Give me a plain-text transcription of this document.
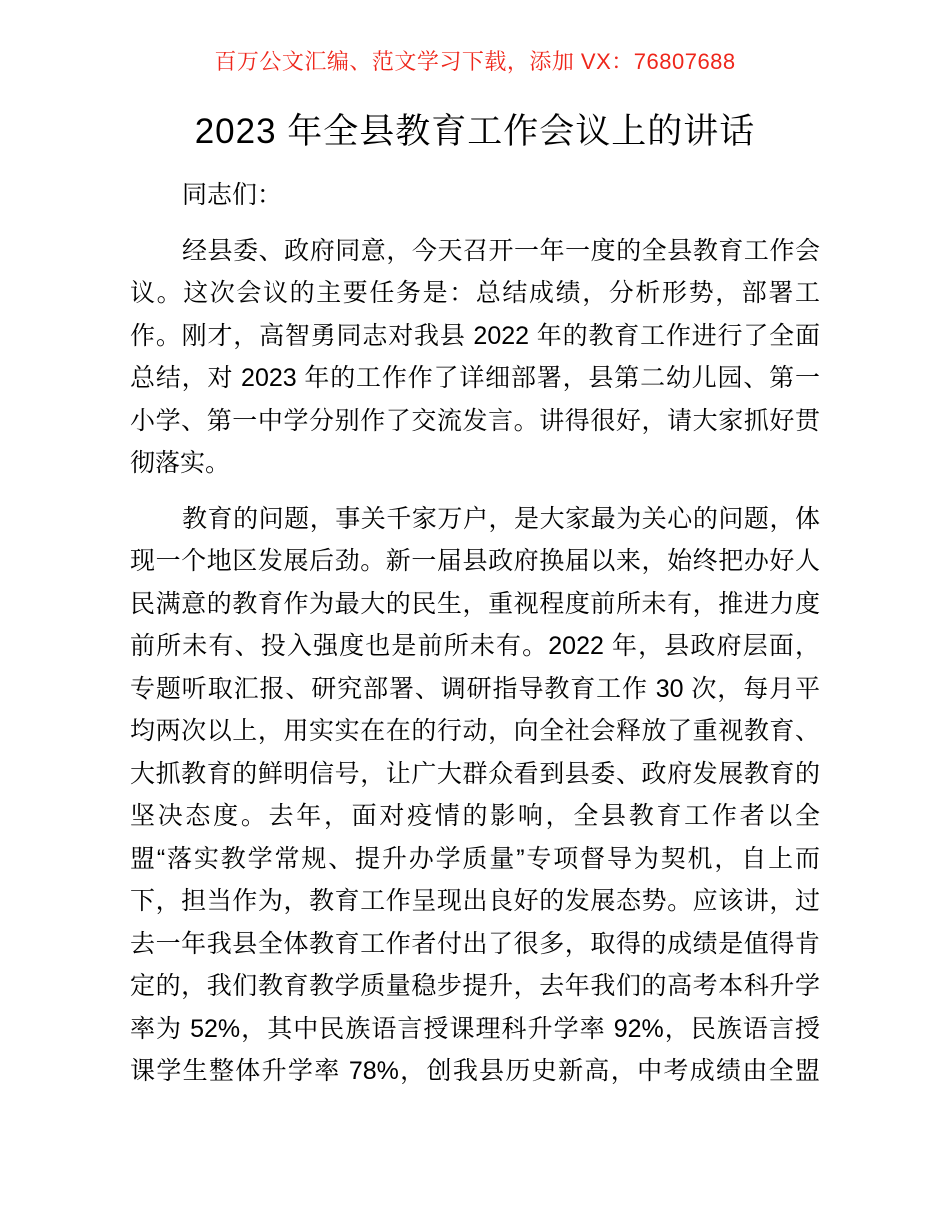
百万公文汇编、范文学习下载，添加 VX：76807688
2023 年全县教育工作会议上的讲话
同志们：
经县委、政府同意，今天召开一年一度的全县教育工作会
议。这次会议的主要任务是：总结成绩，分析形势，部署工
作。刚才，高智勇同志对我县 2022 年的教育工作进行了全面
总结，对 2023 年的工作作了详细部署，县第二幼儿园、第一
小学、第一中学分别作了交流发言。讲得很好，请大家抓好贯
彻落实。
教育的问题，事关千家万户，是大家最为关心的问题，体
现一个地区发展后劲。新一届县政府换届以来，始终把办好人
民满意的教育作为最大的民生，重视程度前所未有，推进力度
前所未有、投入强度也是前所未有。2022 年，县政府层面，
专题听取汇报、研究部署、调研指导教育工作 30 次，每月平
均两次以上，用实实在在的行动，向全社会释放了重视教育、
大抓教育的鲜明信号，让广大群众看到县委、政府发展教育的
坚决态度。去年，面对疫情的影响，全县教育工作者以全
盟“落实教学常规、提升办学质量”专项督导为契机，自上而
下，担当作为，教育工作呈现出良好的发展态势。应该讲，过
去一年我县全体教育工作者付出了很多，取得的成绩是值得肯
定的，我们教育教学质量稳步提升，去年我们的高考本科升学
率为 52%，其中民族语言授课理科升学率 92%，民族语言授
课学生整体升学率 78%，创我县历史新高，中考成绩由全盟
